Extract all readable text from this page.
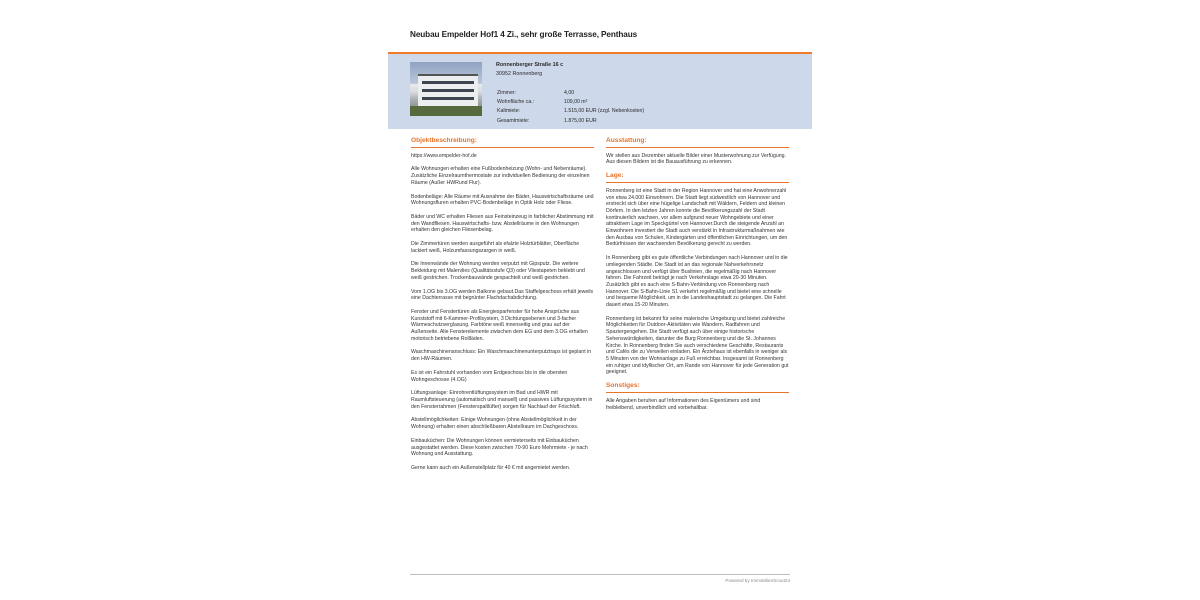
Neubau Empelder Hof1 4 Zi., sehr große Terrasse, Penthaus
Ronnenberger Straße 16 c
30952 Ronnenberg
Zimmer:	4,00
Wohnfläche ca.:	109,00 m²
Kaltmiete:	1.515,00 EUR (zzgl. Nebenkosten)
Gesamtmiete:	1.875,00 EUR
Objektbeschreibung:

https://www.empelder-hof.de

Alle Wohnungen erhalten eine Fußbodenheizung (Wohn- und Nebenräume). Zusätzliche Einzelraumthermostate zur individuellen Bedienung der einzelnen Räume (Außer HWRund Flur).

Bodenbeläge: Alle Räume mit Ausnahme der Bäder, Hauswirtschaftsräume und Wohnungsfluren erhalten PVC-Bodenbeläge in Optik Holz oder Fliese.

Bäder und WC erhalten Fliesen aus Feinsteinzeug in farblicher Abstimmung mit den Wandfliesen. Hauswirtschafts- bzw. Abstellräume in den Wohnungen erhalten den gleichen Fliesenbelag.

Die Zimmertüren werden ausgeführt als efalzte Holztürblätter, Oberfläche lackiert weiß, Holzumfassungszargen in weiß.

Die Innenwände der Wohnung werden verputzt mit Gipsputz. Die weitere Bekleidung mit Malervlies (Qualitätsstufe Q3) oder Vliestapeten beklebt und weiß gestrichen. Trockenbauwände gespachtelt und weiß gestrichen.

Vom 1.OG bis 3.OG werden Balkone gebaut.Das Staffelgeschoss erhält jeweils eine Dachterrasse mit begrünter Flachdachabdichtung.

Fenster und Fenstertüren als Energiesparfenster für hohe Ansprüche aus Kunststoff mit 6-Kammer-Profilsystem, 3 Dichtungsebenen und 3-facher Wärmeschutzverglasung. Farbtöne weiß innenseitig und grau auf der Außenseite. Alle Fensterelemente zwischen dem EG und dem 3.OG erhalten motorisch betriebene Rollläden.

Waschmaschinenanschluss: Ein Waschmaschinenunterputztraps ist geplant in den HW-Räumen.

Es ist ein Fahrstuhl vorhanden vom Erdgeschoss bis in die obersten Wohngeschosse (4.OG)

Lüftungsanlage: Einrohrentlüftungssystem im Bad und HWR mit Raumluftsteuerung (automatisch und manuell) und passives Lüftungssystem in den Fensterrahmen (Fensterspaltlüfter) sorgen für Nachlauf der Frischluft.

Abstellmöglichkeiten: Einige Wohnungen (ohne Abstellmöglichkeit in der Wohnung) erhalten einen abschließbaren Abstellraum im Dachgeschoss.

Einbauküchen: Die Wohnungen können vermieterseits mit Einbauküchen ausgestattet werden. Diese kosten zwischen 70-90 Euro Mehrmiete - je nach Wohnung und Ausstattung.

Gerne kann auch ein Außenstellplatz für 40 € mit angemietet werden.

Ausstattung:

Wir stellen aus Dezember aktuelle Bilder einer Musterwohnung zur Verfügung. Aus diesen Bildern ist die Bauausführung zu erkennen.

Lage:

Ronnenberg ist eine Stadt in der Region Hannover und hat eine Anwohnerzahl von etwa 24.000 Einwohnern. Die Stadt liegt südwestlich von Hannover und erstreckt sich über eine hügelige Landschaft mit Wäldern, Feldern und kleinen Dörfern. In den letzten Jahren konnte die Bevölkerungszahl der Stadt kontinuierlich wachsen, vor allem aufgrund neuer Wohngebiete und einer attraktiven Lage im Speckgürtel von Hannover.Durch die steigende Anzahl an Einwohnern investiert die Stadt auch verstärkt in Infrastrukturmaßnahmen wie den Ausbau von Schulen, Kindergärten und öffentlichen Einrichtungen, um den Bedürfnissen der wachsenden Bevölkerung gerecht zu werden.

In Ronnenberg gibt es gute öffentliche Verbindungen nach Hannover und in die umliegenden Städte. Die Stadt ist an das regionale Nahverkehrsnetz angeschlossen und verfügt über Buslinien, die regelmäßig nach Hannover fahren. Die Fahrzeit beträgt je nach Verkehrslage etwa 20-30 Minuten. Zusätzlich gibt es auch eine S-Bahn-Verbindung von Ronnenberg nach Hannover. Die S-Bahn-Linie S1 verkehrt regelmäßig und bietet eine schnelle und bequeme Möglichkeit, um in die Landeshauptstadt zu gelangen. Die Fahrt dauert etwa 15-20 Minuten.

Ronnenberg ist bekannt für seine malerische Umgebung und bietet zahlreiche Möglichkeiten für Outdoor-Aktivitäten wie Wandern, Radfahren und Spaziergengehen. Die Stadt verfügt auch über einige historische Sehenswürdigkeiten, darunter die Burg Ronnenberg und die St. Johannes Kirche. In Ronnenberg finden Sie auch verschiedene Geschäfte, Restaurants und Cafés die zu Verweilen einladen. Ein Ärztehaus ist ebenfalls in weniger als 5 Minuten von der Wohnanlage zu Fuß erreichbar. Insgesamt ist Ronnenberg ein ruhiger und idyllischer Ort, am Rande von Hannover für jede Generation gut geeignet.

Sonstiges:

Alle Angaben beruhen auf Informationen des Eigentümers und sind freibleibend, unverbindlich und vorbehaltbar.

Powered by ImmobilienScout24
